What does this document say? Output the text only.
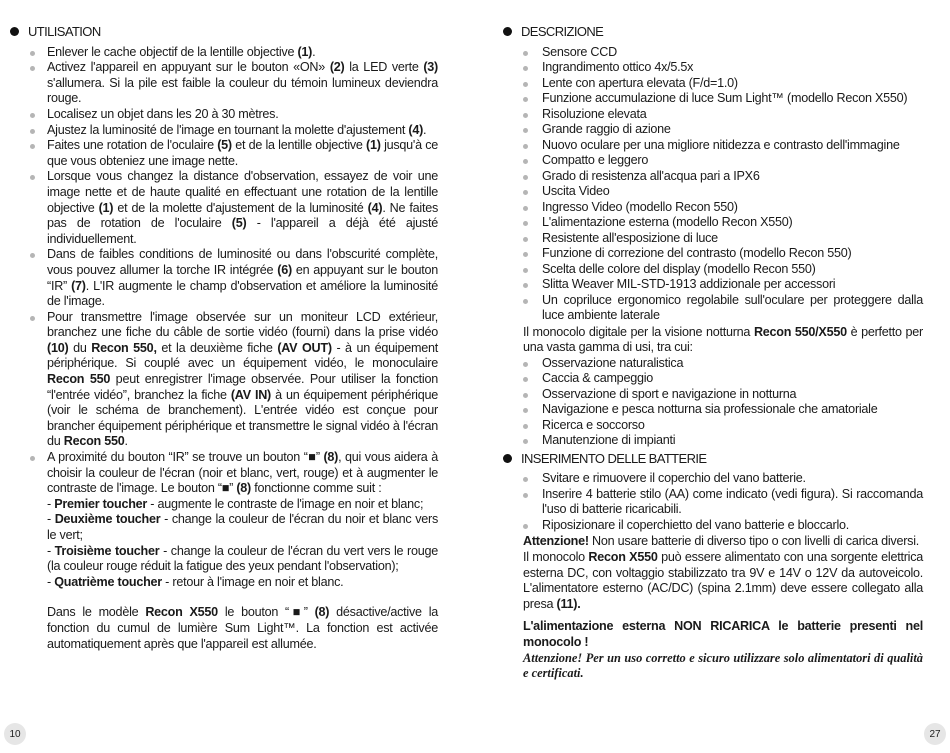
UTILISATION
Enlever le cache objectif de la lentille objective (1).
Activez l'appareil en appuyant sur le bouton «ON» (2) la LED verte (3) s'allumera. Si la pile est faible la couleur du témoin lumineux deviendra rouge.
Localisez un objet dans les 20 à 30 mètres.
Ajustez la luminosité de l'image en tournant la molette d'ajustement (4).
Faites une rotation de l'oculaire (5) et de la lentille objective (1) jusqu'à ce que vous obteniez une image nette.
Lorsque vous changez la distance d'observation, essayez de voir une image nette et de haute qualité en effectuant une rotation de la lentille objective (1) et de la molette d'ajustement de la luminosité (4). Ne faites pas de rotation de l'oculaire (5) - l'appareil a déjà été ajusté individuellement.
Dans de faibles conditions de luminosité ou dans l'obscurité complète, vous pouvez allumer la torche IR intégrée (6) en appuyant sur le bouton “IR” (7). L'IR augmente le champ d'observation et améliore la luminosité de l'image.
Pour transmettre l'image observée sur un moniteur LCD extérieur, branchez une fiche du câble de sortie vidéo (fourni) dans la prise vidéo (10) du Recon 550, et la deuxième fiche (AV OUT) - à un équipement périphérique. Si couplé avec un équipement vidéo, le monoculaire Recon 550 peut enregistrer l'image observée. Pour utiliser la fonction “l'entrée vidéo”, branchez la fiche (AV IN) à un équipement périphérique (voir le schéma de branchement). L'entrée vidéo est conçue pour brancher équipement périphérique et transmettre le signal vidéo à l'écran du Recon 550.
A proximité du bouton “IR” se trouve un bouton “■” (8), qui vous aidera à choisir la couleur de l'écran (noir et blanc, vert, rouge) et à augmenter le contraste de l'image. Le bouton “■” (8) fonctionne comme suit :
- Premier toucher - augmente le contraste de l'image en noir et blanc;
- Deuxième toucher - change la couleur de l'écran du noir et blanc vers le vert;
- Troisième toucher - change la couleur de l'écran du vert vers le rouge (la couleur rouge réduit la fatigue des yeux pendant l'observation);
- Quatrième toucher - retour à l'image en noir et blanc.
Dans le modèle Recon X550 le bouton “■” (8) désactive/active la fonction du cumul de lumière Sum Light™. La fonction est activée automatiquement après que l'appareil est allumée.
DESCRIZIONE
Sensore CCD
Ingrandimento ottico 4x/5.5x
Lente con apertura elevata (F/d=1.0)
Funzione accumulazione di luce Sum Light™ (modello Recon X550)
Risoluzione elevata
Grande raggio di azione
Nuovo oculare per una migliore nitidezza e contrasto dell'immagine
Compatto e leggero
Grado di resistenza all'acqua pari a IPX6
Uscita Video
Ingresso Video (modello Recon 550)
L'alimentazione esterna (modello Recon X550)
Resistente all'esposizione di luce
Funzione di correzione del contrasto (modello Recon 550)
Scelta delle colore del display (modello Recon 550)
Slitta Weaver MIL-STD-1913 addizionale per accessori
Un copriluce ergonomico regolabile sull'oculare per proteggere dalla luce ambiente laterale
Il monocolo digitale per la visione notturna Recon 550/X550 è perfetto per una vasta gamma di usi, tra cui:
Osservazione naturalistica
Caccia & campeggio
Osservazione di sport e navigazione in notturna
Navigazione e pesca notturna sia professionale che amatoriale
Ricerca e soccorso
Manutenzione di impianti
INSERIMENTO DELLE BATTERIE
Svitare e rimuovere il coperchio del vano batterie.
Inserire 4 batterie stilo (AA) come indicato (vedi figura). Si raccomanda l'uso di batterie ricaricabili.
Riposizionare il coperchietto del vano batterie e bloccarlo.
Attenzione! Non usare batterie di diverso tipo o con livelli di carica diversi.
Il monocolo Recon X550 può essere alimentato con una sorgente elettrica esterna DC, con voltaggio stabilizzato tra 9V e 14V o 12V da autoveicolo. L'alimentatore esterno (AC/DC) (spina 2.1mm) deve essere collegato alla presa (11).
L'alimentazione esterna NON RICARICA le batterie presenti nel monocolo !
Attenzione! Per un uso corretto e sicuro utilizzare solo alimentatori di qualità e certificati.
10	27
